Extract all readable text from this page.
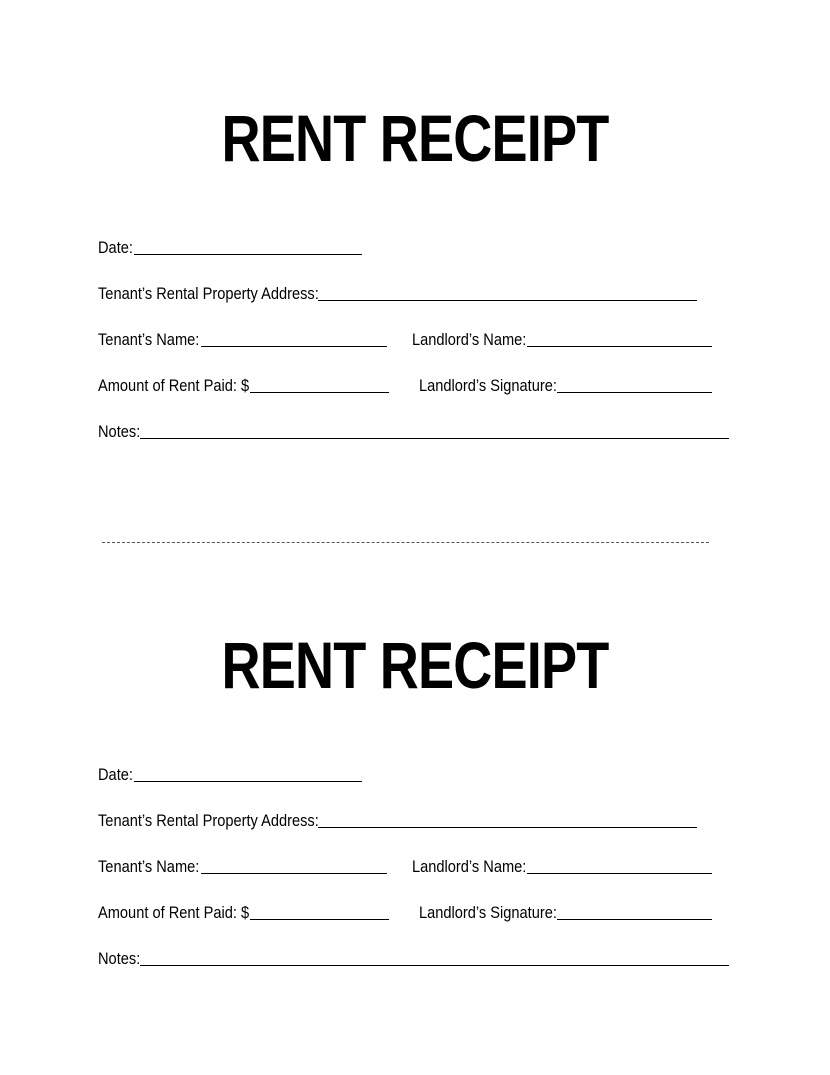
RENT RECEIPT
Date:
Tenant’s Rental Property Address:
Tenant’s Name:	Landlord’s Name:
Amount of Rent Paid: $	Landlord’s Signature:
Notes:
RENT RECEIPT
Date:
Tenant’s Rental Property Address:
Tenant’s Name:	Landlord’s Name:
Amount of Rent Paid: $	Landlord’s Signature:
Notes:
